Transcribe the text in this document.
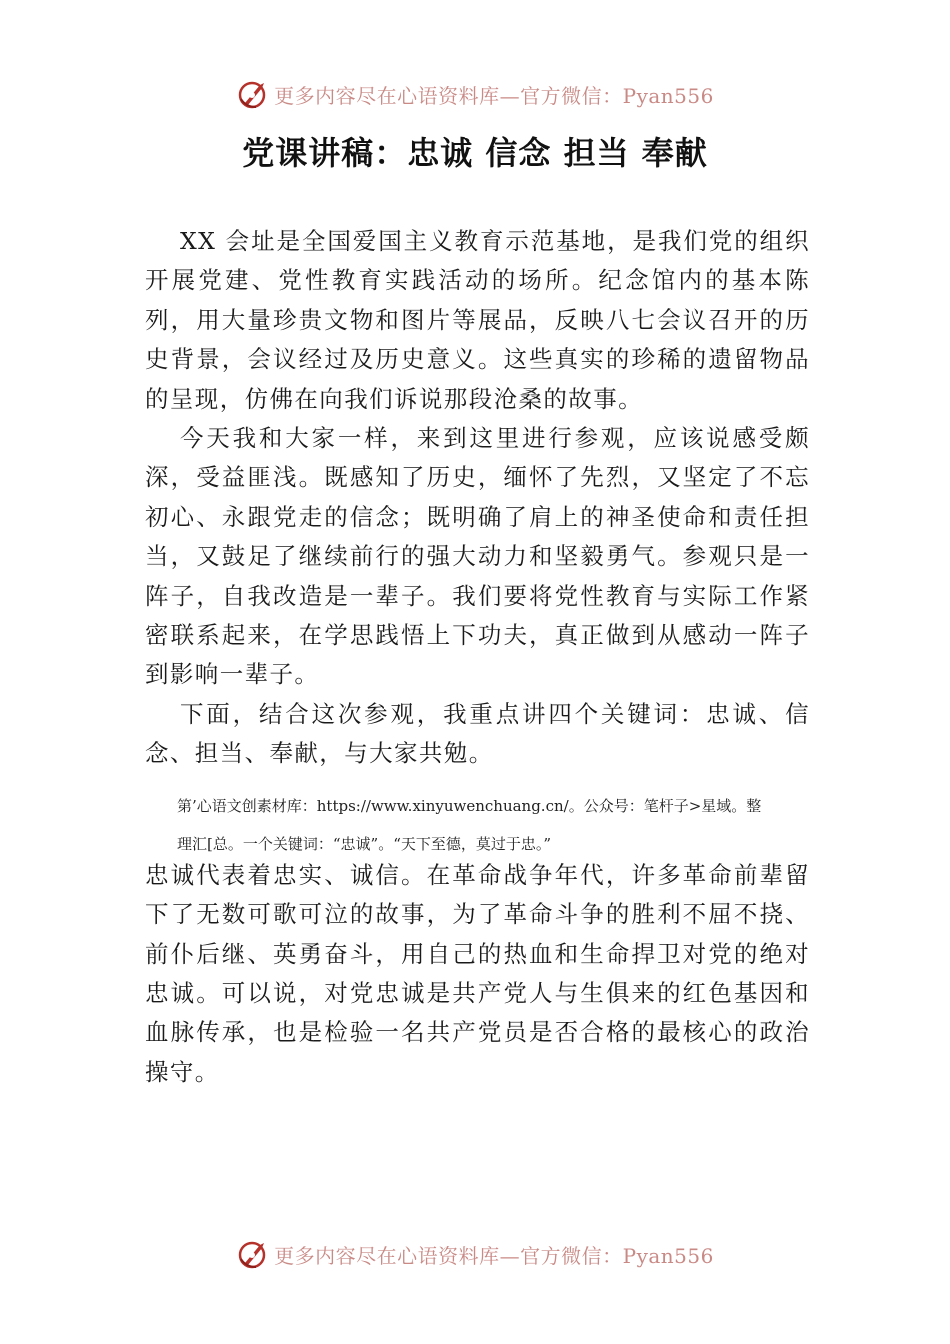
更多内容尽在心语资料库—官方微信：Pyan556
党课讲稿：忠诚 信念 担当 奉献

XX 会址是全国爱国主义教育示范基地，是我们党的组织开展党建、党性教育实践活动的场所。纪念馆内的基本陈列，用大量珍贵文物和图片等展品，反映八七会议召开的历史背景，会议经过及历史意义。这些真实的珍稀的遗留物品的呈现，仿佛在向我们诉说那段沧桑的故事。

今天我和大家一样，来到这里进行参观，应该说感受颇深，受益匪浅。既感知了历史，缅怀了先烈，又坚定了不忘初心、永跟党走的信念；既明确了肩上的神圣使命和责任担当，又鼓足了继续前行的强大动力和坚毅勇气。参观只是一阵子，自我改造是一辈子。我们要将党性教育与实际工作紧密联系起来，在学思践悟上下功夫，真正做到从感动一阵子到影响一辈子。

下面，结合这次参观，我重点讲四个关键词：忠诚、信念、担当、奉献，与大家共勉。

第’心语文创素材库：https://www.xinyuwenchuang.cn/。公众号：笔杆子>星域。整

理汇[总。一个关键词：“忠诚”。“天下至德，莫过于忠。”

忠诚代表着忠实、诚信。在革命战争年代，许多革命前辈留下了无数可歌可泣的故事，为了革命斗争的胜利不屈不挠、前仆后继、英勇奋斗，用自己的热血和生命捍卫对党的绝对忠诚。可以说，对党忠诚是共产党人与生俱来的红色基因和血脉传承，也是检验一名共产党员是否合格的最核心的政治操守。

更多内容尽在心语资料库—官方微信：Pyan556
